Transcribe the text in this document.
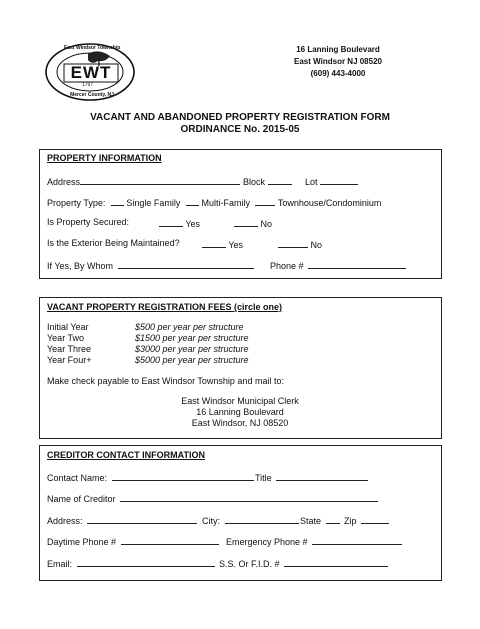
EWT
1797
East Windsor Township
Mercer County, NJ
16 Lanning Boulevard
East Windsor NJ 08520
(609) 443-4000
VACANT AND ABANDONED PROPERTY REGISTRATION FORM
ORDINANCE No. 2015-05
PROPERTY INFORMATION
Address	Block	Lot
Property Type: Single Family Multi-Family	Townhouse/Condominium
Is Property Secured:	Yes	No
Is the Exterior Being Maintained?	Yes	No
If Yes, By Whom	Phone #
VACANT PROPERTY REGISTRATION FEES (circle one)
Initial Year	$500 per year per structure
Year Two	$1500 per year per structure
Year Three	$3000 per year per structure
Year Four+	$5000 per year per structure
Make check payable to East Windsor Township and mail to:
East Windsor Municipal Clerk
16 Lanning Boulevard
East Windsor, NJ 08520
CREDITOR CONTACT INFORMATION
Contact Name:	Title
Name of Creditor
Address:	City:	State	Zip
Daytime Phone #	Emergency Phone #
Email:	S.S. Or F.I.D. #
